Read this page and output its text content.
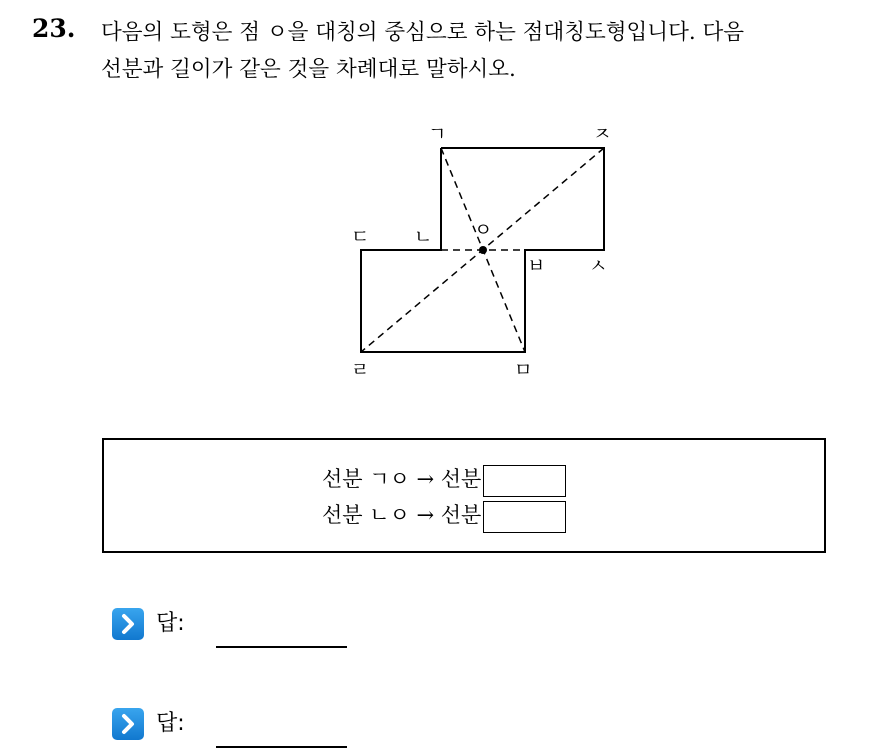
23. 다음의 도형은 점 ㅇ을 대칭의 중심으로 하는 점대칭도형입니다. 다음
선분과 길이가 같은 것을 차례대로 말하시오.
ㄱ	ㅈ
ㄷ ㄴ ㅇ
ㅂ ㅅ
ㄹ	ㅁ
선분 ㄱㅇ → 선분
선분 ㄴㅇ → 선분
답:
답:
